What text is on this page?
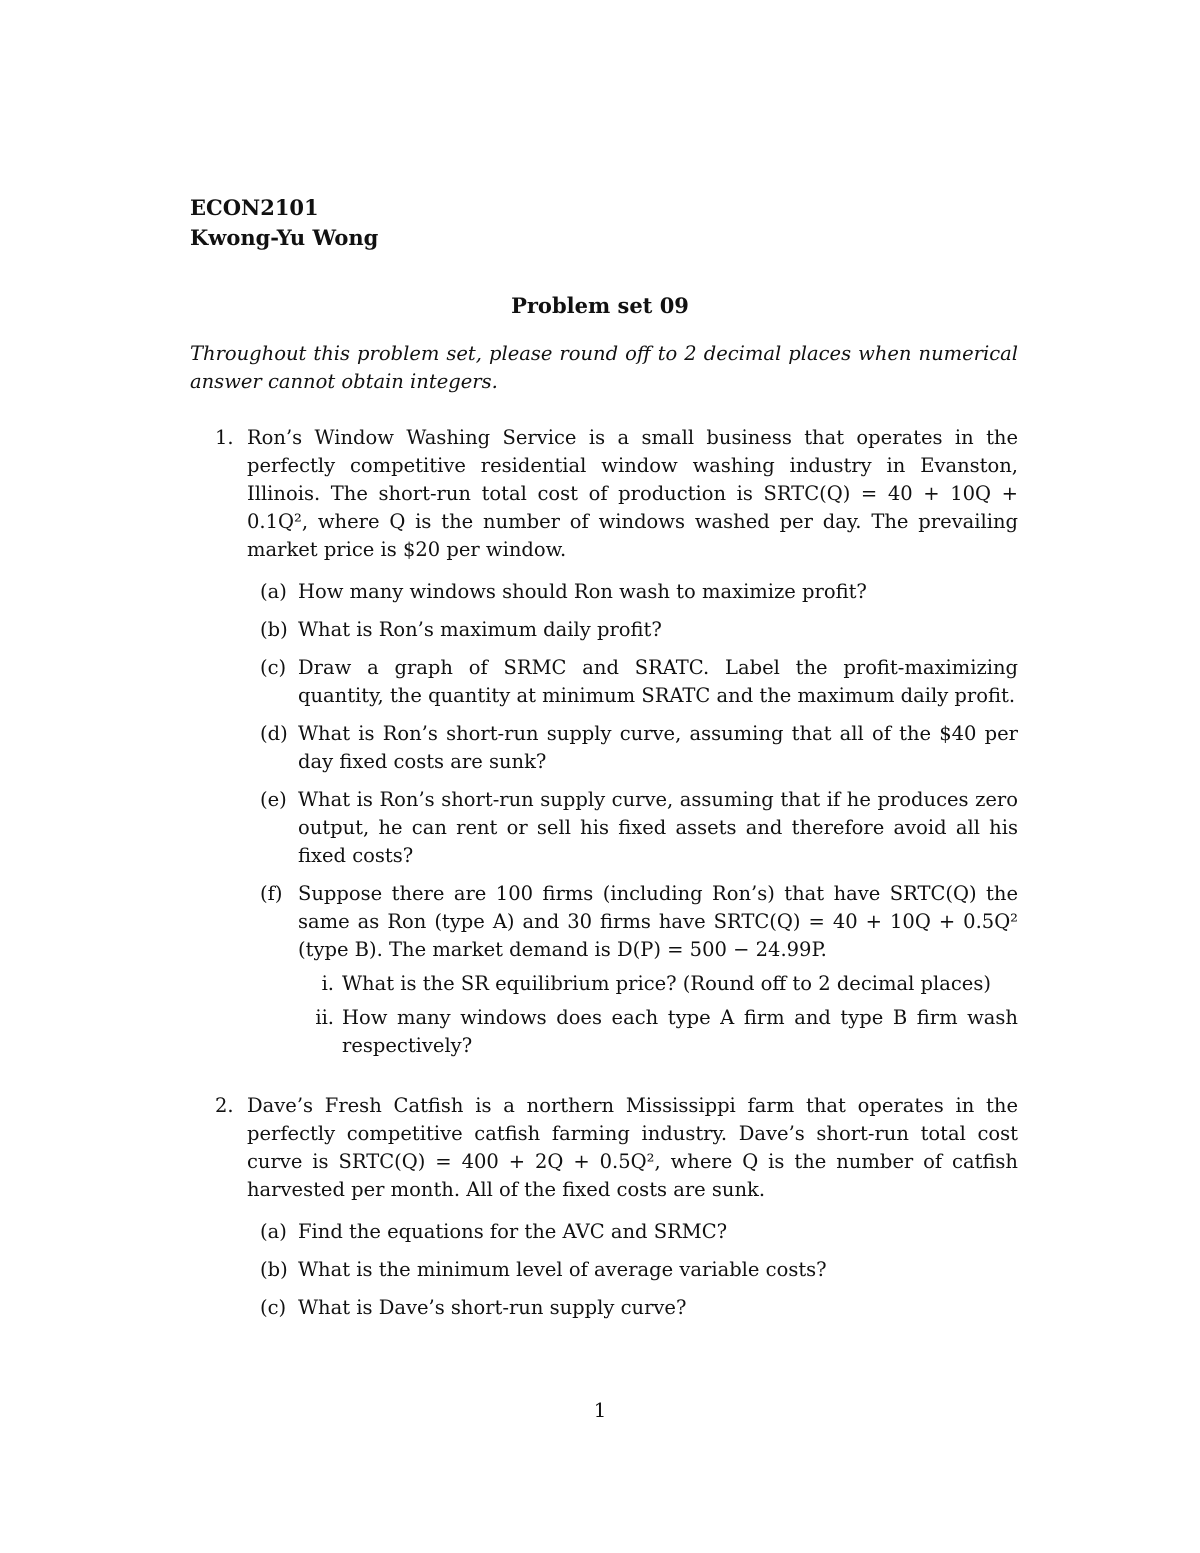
ECON2101
Kwong-Yu Wong
Problem set 09
Throughout this problem set, please round off to 2 decimal places when numerical answer cannot obtain integers.
1. Ron’s Window Washing Service is a small business that operates in the perfectly competitive residential window washing industry in Evanston, Illinois. The short-run total cost of production is SRTC(Q) = 40 + 10Q + 0.1Q², where Q is the number of windows washed per day. The prevailing market price is $20 per window.
(a) How many windows should Ron wash to maximize profit?
(b) What is Ron’s maximum daily profit?
(c) Draw a graph of SRMC and SRATC. Label the profit-maximizing quantity, the quantity at minimum SRATC and the maximum daily profit.
(d) What is Ron’s short-run supply curve, assuming that all of the $40 per day fixed costs are sunk?
(e) What is Ron’s short-run supply curve, assuming that if he produces zero output, he can rent or sell his fixed assets and therefore avoid all his fixed costs?
(f) Suppose there are 100 firms (including Ron’s) that have SRTC(Q) the same as Ron (type A) and 30 firms have SRTC(Q) = 40 + 10Q + 0.5Q² (type B). The market demand is D(P) = 500 − 24.99P.
i. What is the SR equilibrium price? (Round off to 2 decimal places)
ii. How many windows does each type A firm and type B firm wash respectively?
2. Dave’s Fresh Catfish is a northern Mississippi farm that operates in the perfectly competitive catfish farming industry. Dave’s short-run total cost curve is SRTC(Q) = 400 + 2Q + 0.5Q², where Q is the number of catfish harvested per month. All of the fixed costs are sunk.
(a) Find the equations for the AVC and SRMC?
(b) What is the minimum level of average variable costs?
(c) What is Dave’s short-run supply curve?
1
